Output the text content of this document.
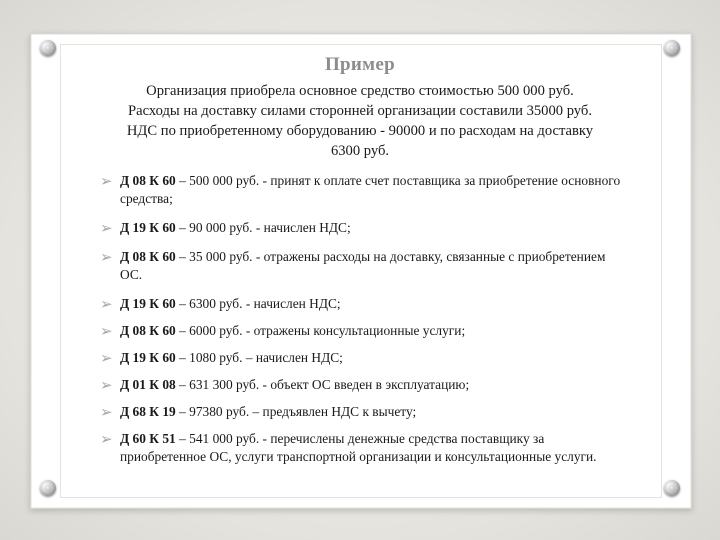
Пример

Организация приобрела основное средство стоимостью 500 000 руб.

Расходы на доставку силами сторонней организации составили 35000 руб.

НДС по приобретенному оборудованию - 90000 и по расходам на доставку

6300 руб.

➢ Д 08 К 60 – 500 000 руб. - принят к оплате счет поставщика за приобретение основного средства;
➢ Д 19 К 60 – 90 000 руб. - начислен НДС;
➢ Д 08 К 60 – 35 000 руб. - отражены расходы на доставку, связанные с приобретением ОС.
➢ Д 19 К 60 – 6300 руб. - начислен НДС;
➢ Д 08 К 60 – 6000 руб. - отражены консультационные услуги;
➢ Д 19 К 60 – 1080 руб. – начислен НДС;
➢ Д 01 К 08 – 631 300 руб. - объект ОС введен в эксплуатацию;
➢ Д 68 К 19 – 97380 руб. – предъявлен НДС к вычету;
➢ Д 60 К 51 – 541 000 руб. - перечислены денежные средства поставщику за приобретенное ОС, услуги транспортной организации и консультационные услуги.
